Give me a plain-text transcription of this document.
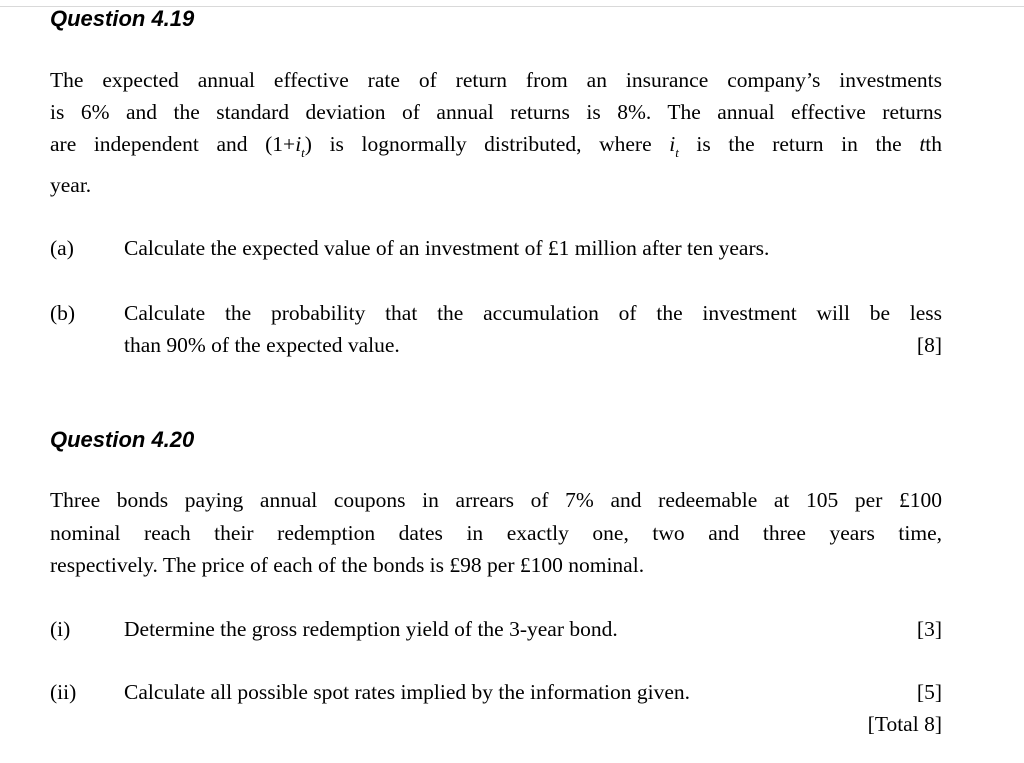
Question 4.19
The expected annual effective rate of return from an insurance company’s investments
is 6% and the standard deviation of annual returns is 8%. The annual effective returns
are independent and $(1+i_t)$ is lognormally distributed, where $i_t$ is the return in the tth
year.
(a) Calculate the expected value of an investment of £1 million after ten years.
(b) Calculate the probability that the accumulation of the investment will be less
than 90% of the expected value.	[8]
Question 4.20
Three bonds paying annual coupons in arrears of 7% and redeemable at 105 per £100
nominal reach their redemption dates in exactly one, two and three years time,
respectively. The price of each of the bonds is £98 per £100 nominal.
(i) Determine the gross redemption yield of the 3-year bond.	[3]
(ii) Calculate all possible spot rates implied by the information given.	[5]
[Total 8]
